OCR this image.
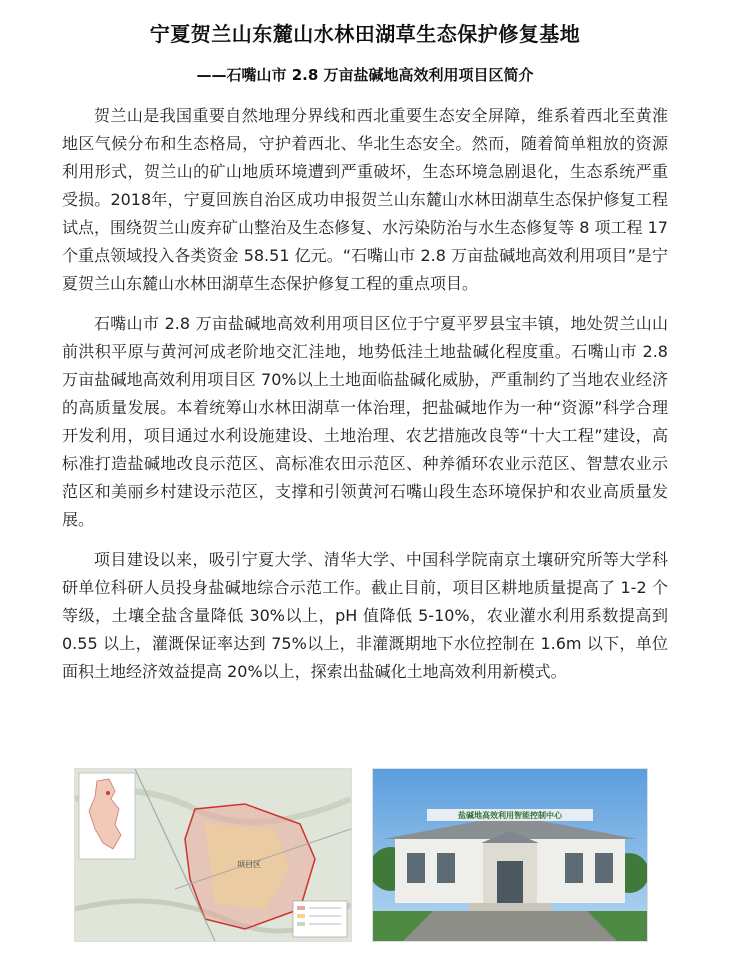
宁夏贺兰山东麓山水林田湖草生态保护修复基地
——石嘴山市 2.8 万亩盐碱地高效利用项目区简介

贺兰山是我国重要自然地理分界线和西北重要生态安全屏障，维系着西北至黄淮地区气候分布和生态格局，守护着西北、华北生态安全。然而，随着简单粗放的资源利用形式，贺兰山的矿山地质环境遭到严重破坏，生态环境急剧退化，生态系统严重受损。2018年，宁夏回族自治区成功申报贺兰山东麓山水林田湖草生态保护修复工程试点，围绕贺兰山废弃矿山整治及生态修复、水污染防治与水生态修复等 8 项工程 17 个重点领域投入各类资金 58.51 亿元。“石嘴山市 2.8 万亩盐碱地高效利用项目”是宁夏贺兰山东麓山水林田湖草生态保护修复工程的重点项目。

石嘴山市 2.8 万亩盐碱地高效利用项目区位于宁夏平罗县宝丰镇，地处贺兰山山前洪积平原与黄河河成老阶地交汇洼地，地势低洼土地盐碱化程度重。石嘴山市 2.8 万亩盐碱地高效利用项目区 70%以上土地面临盐碱化威胁，严重制约了当地农业经济的高质量发展。本着统筹山水林田湖草一体治理，把盐碱地作为一种“资源”科学合理开发利用，项目通过水利设施建设、土地治理、农艺措施改良等“十大工程”建设，高标准打造盐碱地改良示范区、高标准农田示范区、种养循环农业示范区、智慧农业示范区和美丽乡村建设示范区，支撑和引领黄河石嘴山段生态环境保护和农业高质量发展。

项目建设以来，吸引宁夏大学、清华大学、中国科学院南京土壤研究所等大学科研单位科研人员投身盐碱地综合示范工作。截止目前，项目区耕地质量提高了 1-2 个等级，土壤全盐含量降低 30%以上，pH 值降低 5-10%，农业灌水利用系数提高到 0.55 以上，灌溉保证率达到 75%以上，非灌溉期地下水位控制在 1.6m 以下，单位面积土地经济效益提高 20%以上，探索出盐碱化土地高效利用新模式。

项目区
盐碱地高效利用智能控制中心
